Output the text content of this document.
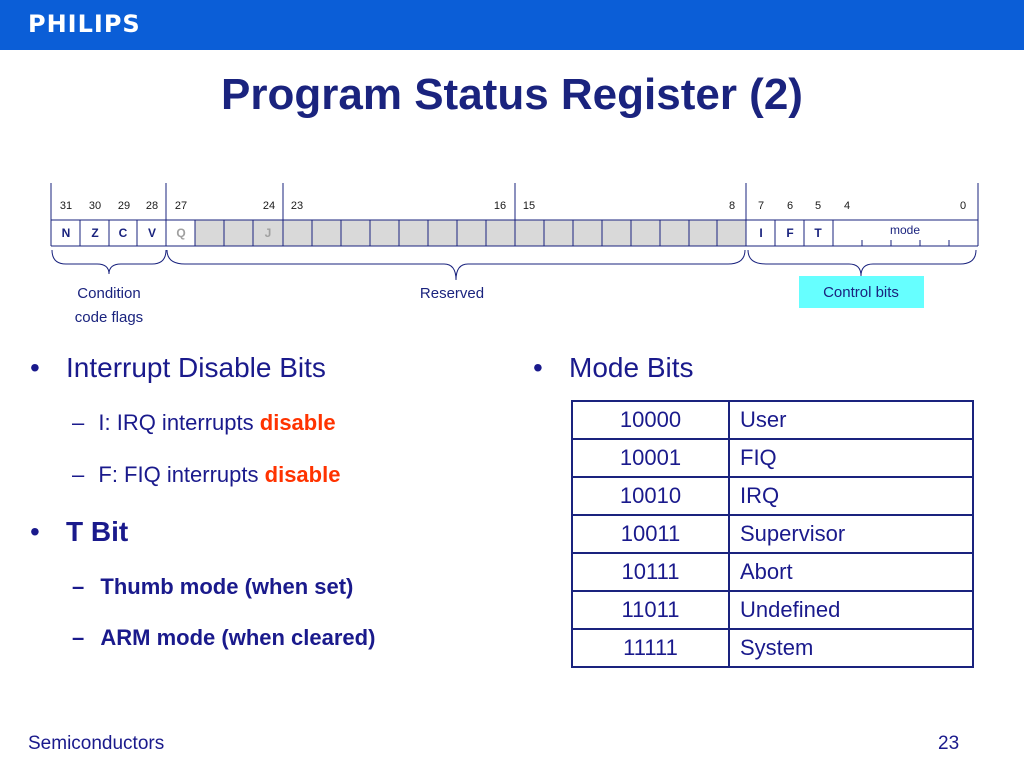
PHILIPS
Program Status Register (2)
31 30 29 28 27	24 23	16 15	8 7 6 5 4	0
N Z C V	I F T
Q	J	mode
Condition
code flags
Reserved	Control bits
• Interrupt Disable Bits
– I: IRQ interrupts disable
– F: FIQ interrupts disable
• T Bit
– Thumb mode (when set)
– ARM mode (when cleared)
• Mode Bits
10000	User
10001	FIQ
10010	IRQ
10011	Supervisor
10111	Abort
11011	Undefined
11111	System
Semiconductors	23
